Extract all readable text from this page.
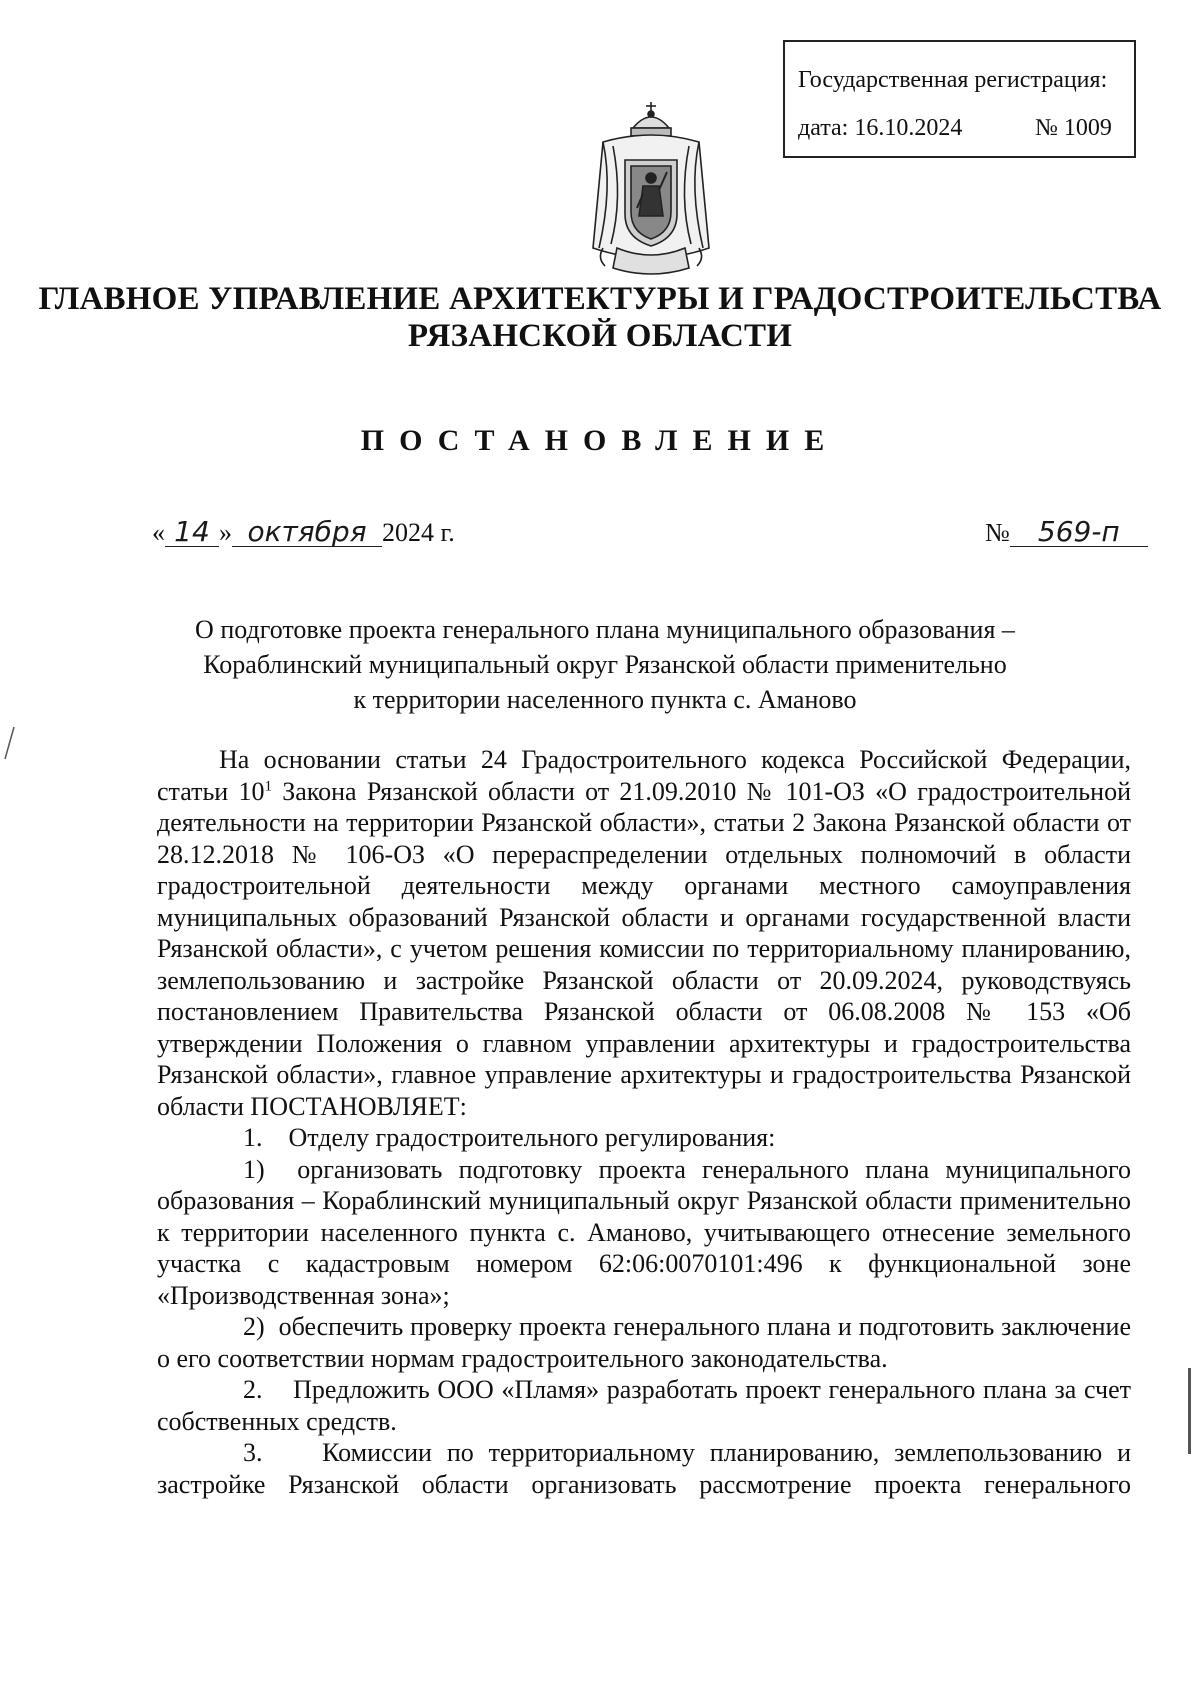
Государственная регистрация:
дата: 16.10.2024	№ 1009
ГЛАВНОЕ УПРАВЛЕНИЕ АРХИТЕКТУРЫ И ГРАДОСТРОИТЕЛЬСТВА
РЯЗАНСКОЙ ОБЛАСТИ
ПОСТАНОВЛЕНИЕ
« 14 » октября 2024 г.	№ 569-п
О подготовке проекта генерального плана муниципального образования –
Кораблинский муниципальный округ Рязанской области применительно
к территории населенного пункта с. Аманово

На основании статьи 24 Градостроительного кодекса Российской Федерации, статьи $10^1$ Закона Рязанской области от 21.09.2010 № 101-ОЗ «О градостроительной деятельности на территории Рязанской области», статьи 2 Закона Рязанской области от 28.12.2018 № 106-ОЗ «О перераспределении отдельных полномочий в области градостроительной деятельности между органами местного самоуправления муниципальных образований Рязанской области и органами государственной власти Рязанской области», с учетом решения комиссии по территориальному планированию, землепользованию и застройке Рязанской области от 20.09.2024, руководствуясь постановлением Правительства Рязанской области от 06.08.2008 № 153 «Об утверждении Положения о главном управлении архитектуры и градостроительства Рязанской области», главное управление архитектуры и градостроительства Рязанской области ПОСТАНОВЛЯЕТ:

1.    Отделу градостроительного регулирования:

1)  организовать подготовку проекта генерального плана муниципального образования – Кораблинский муниципальный округ Рязанской области применительно к территории населенного пункта с. Аманово, учитывающего отнесение земельного участка с кадастровым номером 62:06:0070101:496 к функциональной зоне «Производственная зона»;

2)  обеспечить проверку проекта генерального плана и подготовить заключение о его соответствии нормам градостроительного законодательства.

2.    Предложить ООО «Пламя» разработать проект генерального плана за счет собственных средств.

3.    Комиссии по территориальному планированию, землепользованию и застройке Рязанской области организовать рассмотрение проекта генерального
